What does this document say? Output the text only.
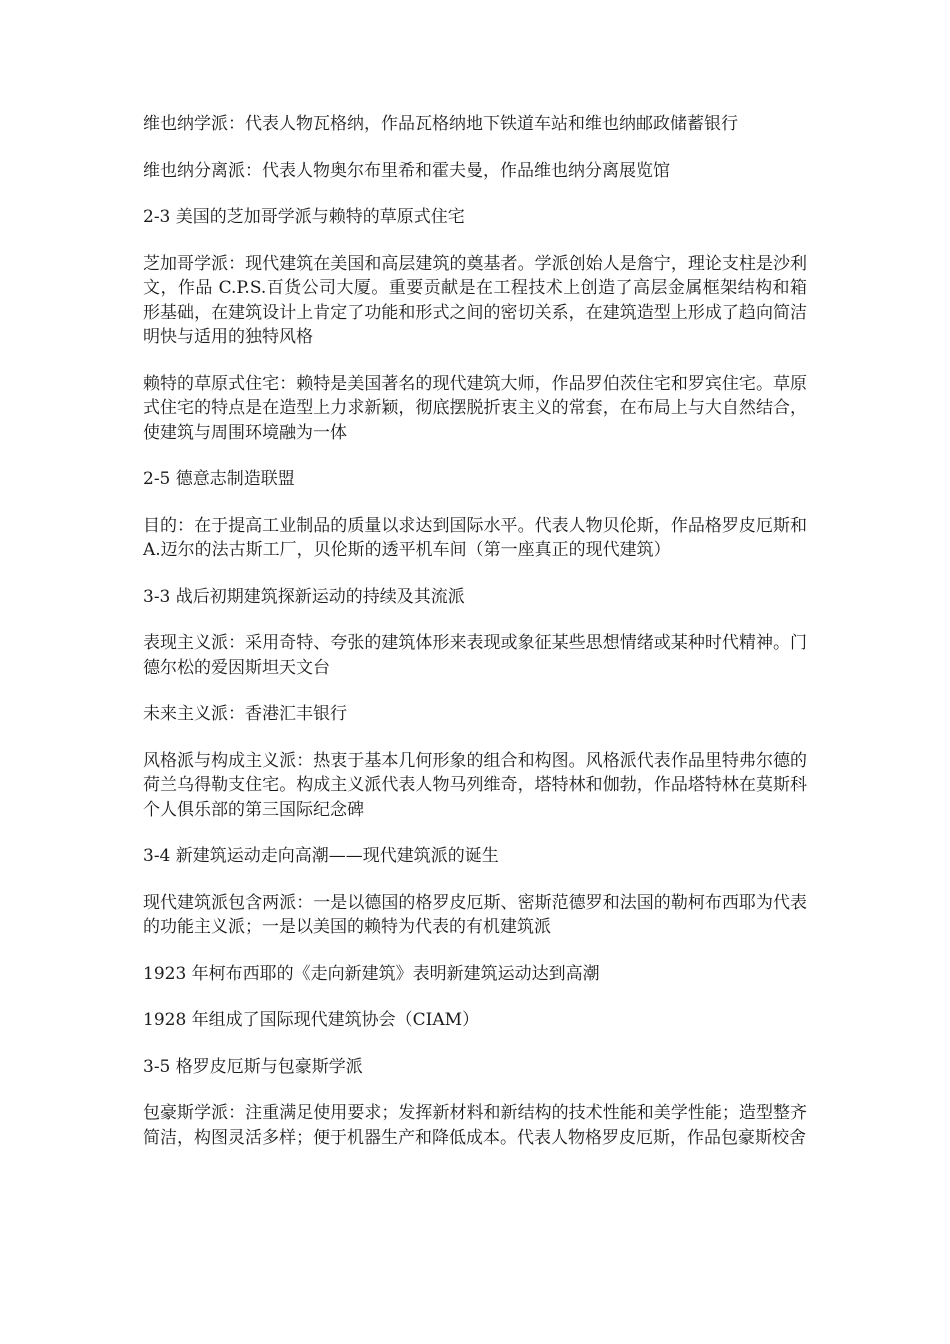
维也纳学派：代表人物瓦格纳，作品瓦格纳地下铁道车站和维也纳邮政储蓄银行

维也纳分离派：代表人物奥尔布里希和霍夫曼，作品维也纳分离展览馆

2-3 美国的芝加哥学派与赖特的草原式住宅

芝加哥学派：现代建筑在美国和高层建筑的奠基者。学派创始人是詹宁，理论支柱是沙利文，作品 C.P.S.百货公司大厦。重要贡献是在工程技术上创造了高层金属框架结构和箱形基础，在建筑设计上肯定了功能和形式之间的密切关系，在建筑造型上形成了趋向简洁明快与适用的独特风格

赖特的草原式住宅：赖特是美国著名的现代建筑大师，作品罗伯茨住宅和罗宾住宅。草原式住宅的特点是在造型上力求新颖，彻底摆脱折衷主义的常套，在布局上与大自然结合，使建筑与周围环境融为一体

2-5 德意志制造联盟

目的：在于提高工业制品的质量以求达到国际水平。代表人物贝伦斯，作品格罗皮厄斯和 A.迈尔的法古斯工厂，贝伦斯的透平机车间（第一座真正的现代建筑）

3-3 战后初期建筑探新运动的持续及其流派

表现主义派：采用奇特、夸张的建筑体形来表现或象征某些思想情绪或某种时代精神。门德尔松的爱因斯坦天文台

未来主义派：香港汇丰银行

风格派与构成主义派：热衷于基本几何形象的组合和构图。风格派代表作品里特弗尔德的荷兰乌得勒支住宅。构成主义派代表人物马列维奇，塔特林和伽勃，作品塔特林在莫斯科个人俱乐部的第三国际纪念碑

3-4 新建筑运动走向高潮——现代建筑派的诞生

现代建筑派包含两派：一是以德国的格罗皮厄斯、密斯范德罗和法国的勒柯布西耶为代表的功能主义派；一是以美国的赖特为代表的有机建筑派

1923 年柯布西耶的《走向新建筑》表明新建筑运动达到高潮

1928 年组成了国际现代建筑协会（CIAM）

3-5 格罗皮厄斯与包豪斯学派

包豪斯学派：注重满足使用要求；发挥新材料和新结构的技术性能和美学性能；造型整齐简洁，构图灵活多样；便于机器生产和降低成本。代表人物格罗皮厄斯，作品包豪斯校舍
